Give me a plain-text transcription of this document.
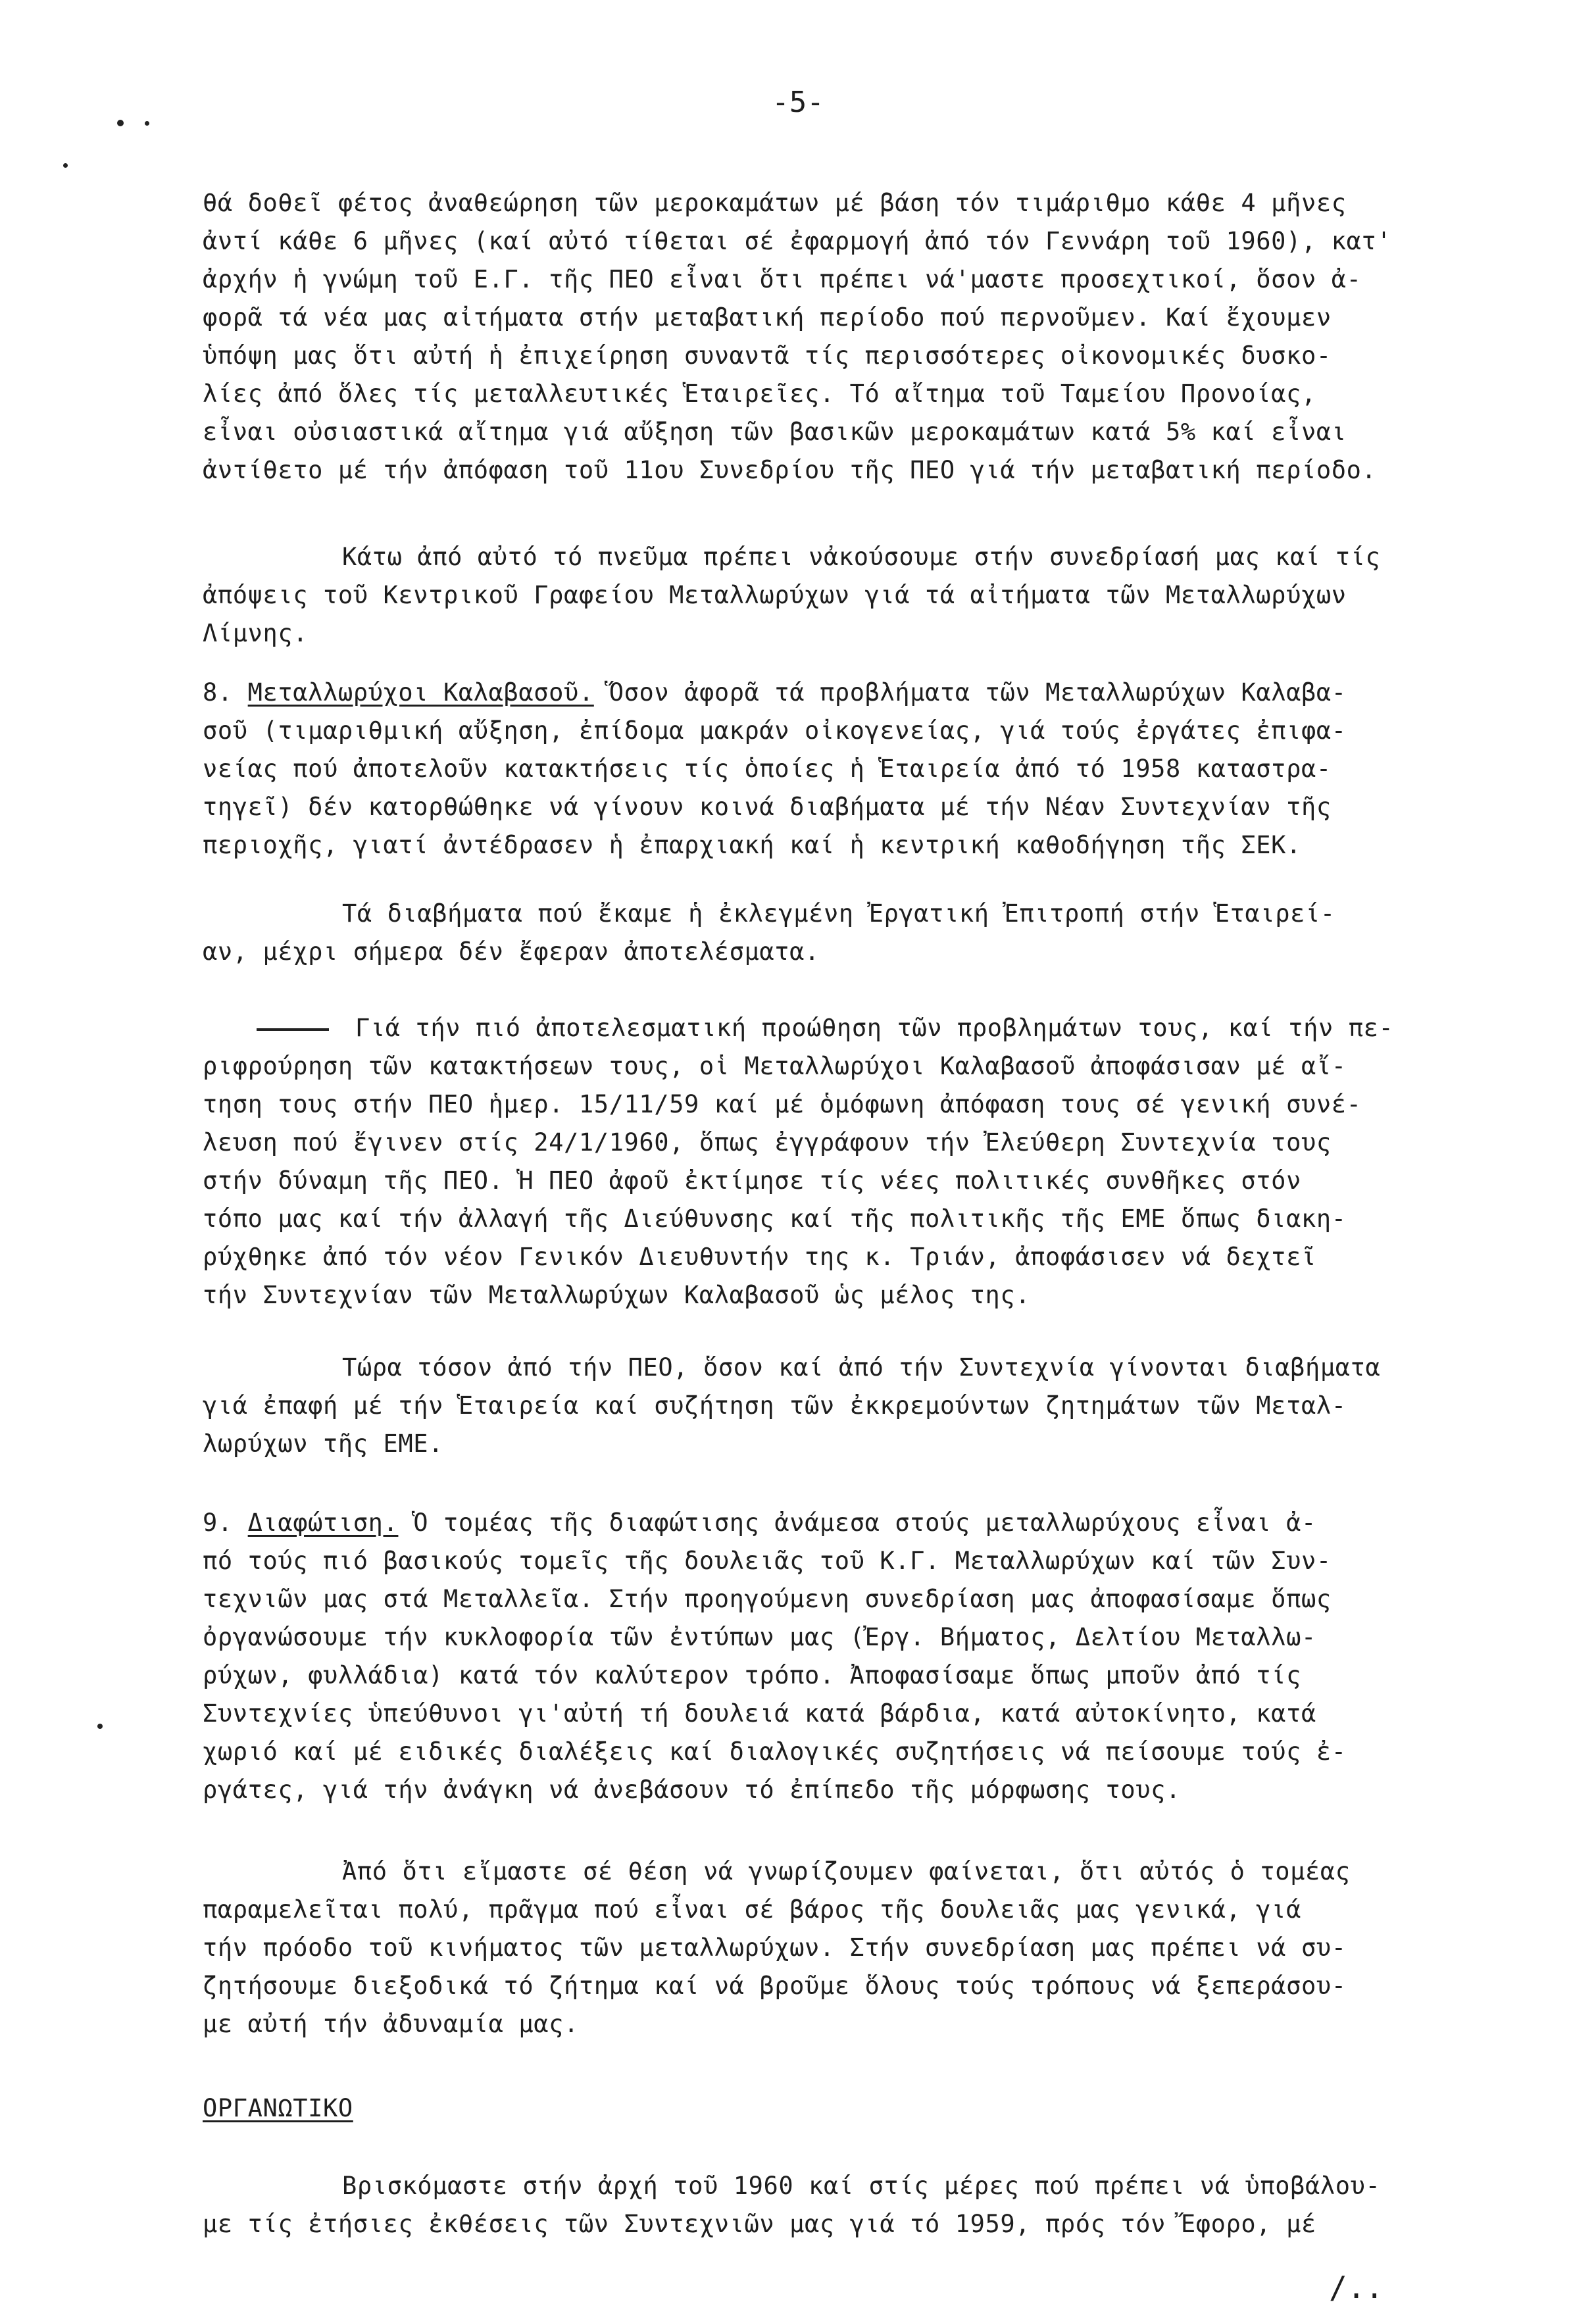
-5-
θά δοθεῖ φέτος ἀναθεώρηση τῶν μεροκαμάτων μέ βάση τόν τιμάριθμο κάθε 4 μῆνες
ἀντί κάθε 6 μῆνες (καί αὐτό τίθεται σέ ἐφαρμογή ἀπό τόν Γεννάρη τοῦ 1960), κατ'
ἀρχήν ἡ γνώμη τοῦ Ε.Γ. τῆς ΠΕΟ εἶναι ὅτι πρέπει νά'μαστε προσεχτικοί, ὅσον ἀ-
φορᾶ τά νέα μας αἰτήματα στήν μεταβατική περίοδο πού περνοῦμεν. Καί ἔχουμεν
ὑπόψη μας ὅτι αὐτή ἡ ἐπιχείρηση συναντᾶ τίς περισσότερες οἰκονομικές δυσκο-
λίες ἀπό ὅλες τίς μεταλλευτικές Ἑταιρεῖες. Τό αἴτημα τοῦ Ταμείου Προνοίας,
εἶναι οὐσιαστικά αἴτημα γιά αὔξηση τῶν βασικῶν μεροκαμάτων κατά 5% καί εἶναι
ἀντίθετο μέ τήν ἀπόφαση τοῦ 11ου Συνεδρίου τῆς ΠΕΟ γιά τήν μεταβατική περίοδο.
Κάτω ἀπό αὐτό τό πνεῦμα πρέπει νἀκούσουμε στήν συνεδρίασή μας καί τίς
ἀπόψεις τοῦ Κεντρικοῦ Γραφείου Μεταλλωρύχων γιά τά αἰτήματα τῶν Μεταλλωρύχων
Λίμνης.
8. Μεταλλωρύχοι Καλαβασοῦ. Ὅσον ἀφορᾶ τά προβλήματα τῶν Μεταλλωρύχων Καλαβα-
σοῦ (τιμαριθμική αὔξηση, ἐπίδομα μακράν οἰκογενείας, γιά τούς ἐργάτες ἐπιφα-
νείας πού ἀποτελοῦν κατακτήσεις τίς ὁποίες ἡ Ἑταιρεία ἀπό τό 1958 καταστρα-
τηγεῖ) δέν κατορθώθηκε νά γίνουν κοινά διαβήματα μέ τήν Νέαν Συντεχνίαν τῆς
περιοχῆς, γιατί ἀντέδρασεν ἡ ἐπαρχιακή καί ἡ κεντρική καθοδήγηση τῆς ΣΕΚ.
Τά διαβήματα πού ἔκαμε ἡ ἐκλεγμένη Ἐργατική Ἐπιτροπή στήν Ἑταιρεί-
αν, μέχρι σήμερα δέν ἔφεραν ἀποτελέσματα.
Γιά τήν πιό ἀποτελεσματική προώθηση τῶν προβλημάτων τους, καί τήν πε-
ριφρούρηση τῶν κατακτήσεων τους, οἱ Μεταλλωρύχοι Καλαβασοῦ ἀποφάσισαν μέ αἴ-
τηση τους στήν ΠΕΟ ἡμερ. 15/11/59 καί μέ ὁμόφωνη ἀπόφαση τους σέ γενική συνέ-
λευση πού ἔγινεν στίς 24/1/1960, ὅπως ἐγγράφουν τήν Ἐλεύθερη Συντεχνία τους
στήν δύναμη τῆς ΠΕΟ. Ἡ ΠΕΟ ἀφοῦ ἐκτίμησε τίς νέες πολιτικές συνθῆκες στόν
τόπο μας καί τήν ἀλλαγή τῆς Διεύθυνσης καί τῆς πολιτικῆς τῆς ΕΜΕ ὅπως διακη-
ρύχθηκε ἀπό τόν νέον Γενικόν Διευθυντήν της κ. Τριάν, ἀποφάσισεν νά δεχτεῖ
τήν Συντεχνίαν τῶν Μεταλλωρύχων Καλαβασοῦ ὡς μέλος της.
Τώρα τόσον ἀπό τήν ΠΕΟ, ὅσον καί ἀπό τήν Συντεχνία γίνονται διαβήματα
γιά ἐπαφή μέ τήν Ἑταιρεία καί συζήτηση τῶν ἐκκρεμούντων ζητημάτων τῶν Μεταλ-
λωρύχων τῆς ΕΜΕ.
9. Διαφώτιση. Ὁ τομέας τῆς διαφώτισης ἀνάμεσα στούς μεταλλωρύχους εἶναι ἀ-
πό τούς πιό βασικούς τομεῖς τῆς δουλειᾶς τοῦ Κ.Γ. Μεταλλωρύχων καί τῶν Συν-
τεχνιῶν μας στά Μεταλλεῖα. Στήν προηγούμενη συνεδρίαση μας ἀποφασίσαμε ὅπως
ὀργανώσουμε τήν κυκλοφορία τῶν ἐντύπων μας (Ἐργ. Βήματος, Δελτίου Μεταλλω-
ρύχων, φυλλάδια) κατά τόν καλύτερον τρόπο. Ἀποφασίσαμε ὅπως μποῦν ἀπό τίς
Συντεχνίες ὑπεύθυνοι γι'αὐτή τή δουλειά κατά βάρδια, κατά αὐτοκίνητο, κατά
χωριό καί μέ ειδικές διαλέξεις καί διαλογικές συζητήσεις νά πείσουμε τούς ἐ-
ργάτες, γιά τήν ἀνάγκη νά ἀνεβάσουν τό ἐπίπεδο τῆς μόρφωσης τους.
Ἀπό ὅτι εἴμαστε σέ θέση νά γνωρίζουμεν φαίνεται, ὅτι αὐτός ὁ τομέας
παραμελεῖται πολύ, πρᾶγμα πού εἶναι σέ βάρος τῆς δουλειᾶς μας γενικά, γιά
τήν πρόοδο τοῦ κινήματος τῶν μεταλλωρύχων. Στήν συνεδρίαση μας πρέπει νά συ-
ζητήσουμε διεξοδικά τό ζήτημα καί νά βροῦμε ὅλους τούς τρόπους νά ξεπεράσου-
με αὐτή τήν ἀδυναμία μας.
ΟΡΓΑΝΩΤΙΚΟ
Βρισκόμαστε στήν ἀρχή τοῦ 1960 καί στίς μέρες πού πρέπει νά ὑποβάλου-
με τίς ἐτήσιες ἐκθέσεις τῶν Συντεχνιῶν μας γιά τό 1959, πρός τόν Ἔφορο, μέ
/..
